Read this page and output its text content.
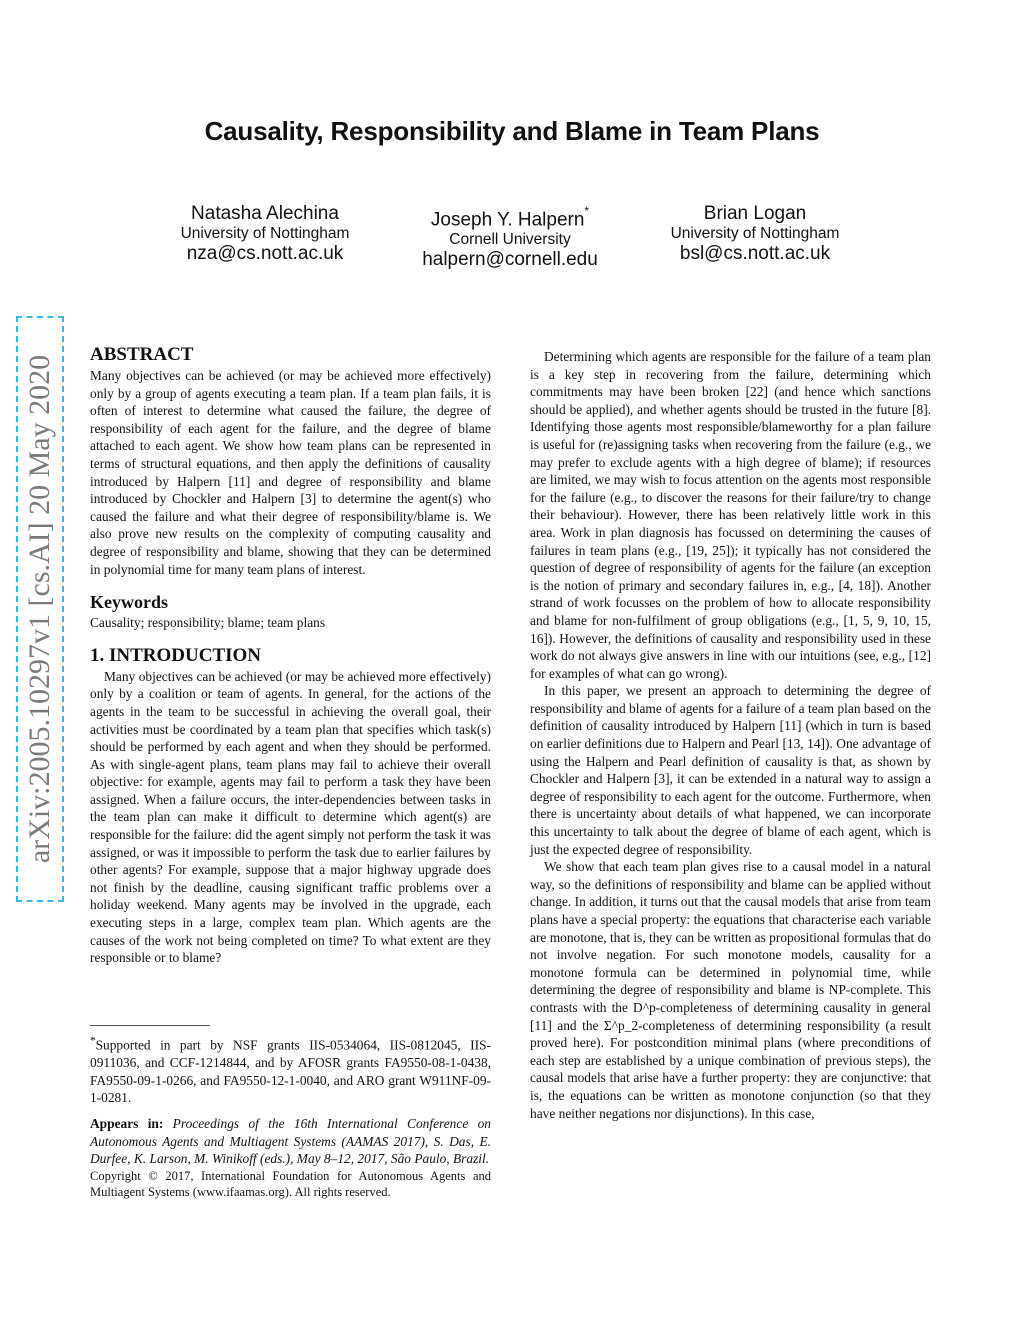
Causality, Responsibility and Blame in Team Plans
Natasha Alechina
University of Nottingham
nza@cs.nott.ac.uk
Joseph Y. Halpern*
Cornell University
halpern@cornell.edu
Brian Logan
University of Nottingham
bsl@cs.nott.ac.uk
arXiv:2005.10297v1 [cs.AI] 20 May 2020
ABSTRACT

Many objectives can be achieved (or may be achieved more effectively) only by a group of agents executing a team plan. If a team plan fails, it is often of interest to determine what caused the failure, the degree of responsibility of each agent for the failure, and the degree of blame attached to each agent. We show how team plans can be represented in terms of structural equations, and then apply the definitions of causality introduced by Halpern [11] and degree of responsibility and blame introduced by Chockler and Halpern [3] to determine the agent(s) who caused the failure and what their degree of responsibility/blame is. We also prove new results on the complexity of computing causality and degree of responsibility and blame, showing that they can be determined in polynomial time for many team plans of interest.

Keywords

Causality; responsibility; blame; team plans

1. INTRODUCTION

Many objectives can be achieved (or may be achieved more effectively) only by a coalition or team of agents. In general, for the actions of the agents in the team to be successful in achieving the overall goal, their activities must be coordinated by a team plan that specifies which task(s) should be performed by each agent and when they should be performed. As with single-agent plans, team plans may fail to achieve their overall objective: for example, agents may fail to perform a task they have been assigned. When a failure occurs, the inter-dependencies between tasks in the team plan can make it difficult to determine which agent(s) are responsible for the failure: did the agent simply not perform the task it was assigned, or was it impossible to perform the task due to earlier failures by other agents? For example, suppose that a major highway upgrade does not finish by the deadline, causing significant traffic problems over a holiday weekend. Many agents may be involved in the upgrade, each executing steps in a large, complex team plan. Which agents are the causes of the work not being completed on time? To what extent are they responsible or to blame?

*Supported in part by NSF grants IIS-0534064, IIS-0812045, IIS-0911036, and CCF-1214844, and by AFOSR grants FA9550-08-1-0438, FA9550-09-1-0266, and FA9550-12-1-0040, and ARO grant W911NF-09-1-0281.
Appears in: Proceedings of the 16th International Conference on Autonomous Agents and Multiagent Systems (AAMAS 2017), S. Das, E. Durfee, K. Larson, M. Winikoff (eds.), May 8–12, 2017, São Paulo, Brazil.
Copyright © 2017, International Foundation for Autonomous Agents and Multiagent Systems (www.ifaamas.org). All rights reserved.

Determining which agents are responsible for the failure of a team plan is a key step in recovering from the failure, determining which commitments may have been broken [22] (and hence which sanctions should be applied), and whether agents should be trusted in the future [8]. Identifying those agents most responsible/blameworthy for a plan failure is useful for (re)assigning tasks when recovering from the failure (e.g., we may prefer to exclude agents with a high degree of blame); if resources are limited, we may wish to focus attention on the agents most responsible for the failure (e.g., to discover the reasons for their failure/try to change their behaviour). However, there has been relatively little work in this area. Work in plan diagnosis has focussed on determining the causes of failures in team plans (e.g., [19, 25]); it typically has not considered the question of degree of responsibility of agents for the failure (an exception is the notion of primary and secondary failures in, e.g., [4, 18]). Another strand of work focusses on the problem of how to allocate responsibility and blame for non-fulfilment of group obligations (e.g., [1, 5, 9, 10, 15, 16]). However, the definitions of causality and responsibility used in these work do not always give answers in line with our intuitions (see, e.g., [12] for examples of what can go wrong).

In this paper, we present an approach to determining the degree of responsibility and blame of agents for a failure of a team plan based on the definition of causality introduced by Halpern [11] (which in turn is based on earlier definitions due to Halpern and Pearl [13, 14]). One advantage of using the Halpern and Pearl definition of causality is that, as shown by Chockler and Halpern [3], it can be extended in a natural way to assign a degree of responsibility to each agent for the outcome. Furthermore, when there is uncertainty about details of what happened, we can incorporate this uncertainty to talk about the degree of blame of each agent, which is just the expected degree of responsibility.

We show that each team plan gives rise to a causal model in a natural way, so the definitions of responsibility and blame can be applied without change. In addition, it turns out that the causal models that arise from team plans have a special property: the equations that characterise each variable are monotone, that is, they can be written as propositional formulas that do not involve negation. For such monotone models, causality for a monotone formula can be determined in polynomial time, while determining the degree of responsibility and blame is NP-complete. This contrasts with the D^p-completeness of determining causality in general [11] and the Σ^p_2-completeness of determining responsibility (a result proved here). For postcondition minimal plans (where preconditions of each step are established by a unique combination of previous steps), the causal models that arise have a further property: they are conjunctive: that is, the equations can be written as monotone conjunction (so that they have neither negations nor disjunctions). In this case,
